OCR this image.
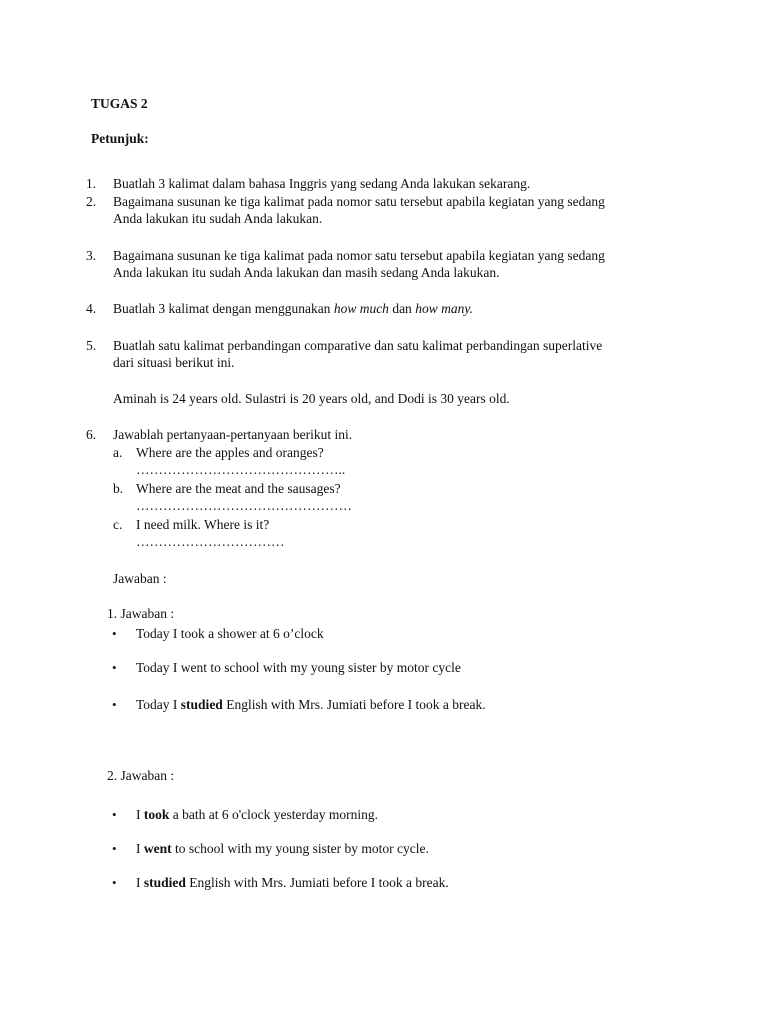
TUGAS 2
Petunjuk:
1. Buatlah 3 kalimat dalam bahasa Inggris yang sedang Anda lakukan sekarang.
2. Bagaimana susunan ke tiga kalimat pada nomor satu tersebut apabila kegiatan yang sedang
Anda lakukan itu sudah Anda lakukan.
3. Bagaimana susunan ke tiga kalimat pada nomor satu tersebut apabila kegiatan yang sedang
Anda lakukan itu sudah Anda lakukan dan masih sedang Anda lakukan.
4. Buatlah 3 kalimat dengan menggunakan how much dan how many.
5. Buatlah satu kalimat perbandingan comparative dan satu kalimat perbandingan superlative
dari situasi berikut ini.
Aminah is 24 years old. Sulastri is 20 years old, and Dodi is 30 years old.
6. Jawablah pertanyaan-pertanyaan berikut ini.
a. Where are the apples and oranges?
………………………………………..
b. Where are the meat and the sausages?
…………………………………………
c. I need milk. Where is it?
……………………………
Jawaban :
1. Jawaban :
• Today I took a shower at 6 o’clock
• Today I went to school with my young sister by motor cycle
• Today I studied English with Mrs. Jumiati before I took a break.
2. Jawaban :
• I took a bath at 6 o'clock yesterday morning.
• I went to school with my young sister by motor cycle.
• I studied English with Mrs. Jumiati before I took a break.
